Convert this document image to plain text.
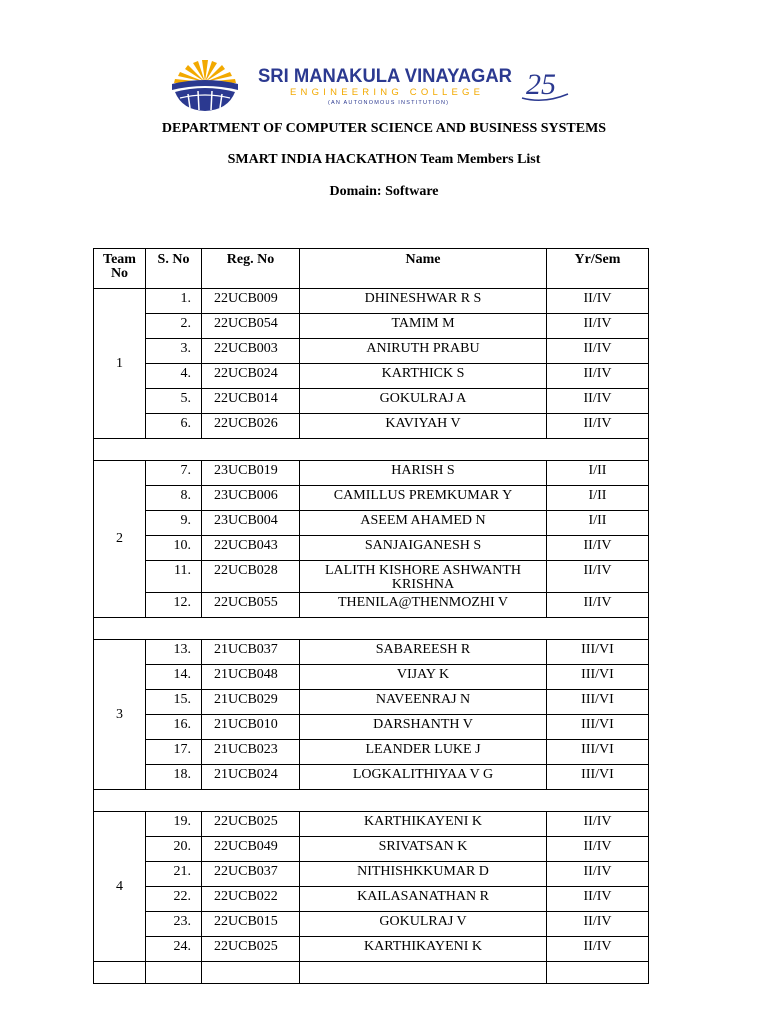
SRI MANAKULA VINAYAGAR
ENGINEERING COLLEGE
(AN AUTONOMOUS INSTITUTION)
25
DEPARTMENT OF COMPUTER SCIENCE AND BUSINESS SYSTEMS
SMART INDIA HACKATHON Team Members List
Domain: Software
Team No	S. No	Reg. No	Name	Yr/Sem
1	1.	22UCB009	DHINESHWAR R S	II/IV
	2.	22UCB054	TAMIM M	II/IV
	3.	22UCB003	ANIRUTH PRABU	II/IV
	4.	22UCB024	KARTHICK S	II/IV
	5.	22UCB014	GOKULRAJ A	II/IV
	6.	22UCB026	KAVIYAH V	II/IV

2	7.	23UCB019	HARISH S	I/II
	8.	23UCB006	CAMILLUS PREMKUMAR Y	I/II
	9.	23UCB004	ASEEM AHAMED N	I/II
	10.	22UCB043	SANJAIGANESH S	II/IV
	11.	22UCB028	LALITH KISHORE ASHWANTH KRISHNA	II/IV
	12.	22UCB055	THENILA@THENMOZHI V	II/IV

3	13.	21UCB037	SABAREESH R	III/VI
	14.	21UCB048	VIJAY K	III/VI
	15.	21UCB029	NAVEENRAJ N	III/VI
	16.	21UCB010	DARSHANTH V	III/VI
	17.	21UCB023	LEANDER LUKE J	III/VI
	18.	21UCB024	LOGKALITHIYAA V G	III/VI

4	19.	22UCB025	KARTHIKAYENI K	II/IV
	20.	22UCB049	SRIVATSAN K	II/IV
	21.	22UCB037	NITHISHKKUMAR D	II/IV
	22.	22UCB022	KAILASANATHAN R	II/IV
	23.	22UCB015	GOKULRAJ V	II/IV
	24.	22UCB025	KARTHIKAYENI K	II/IV
